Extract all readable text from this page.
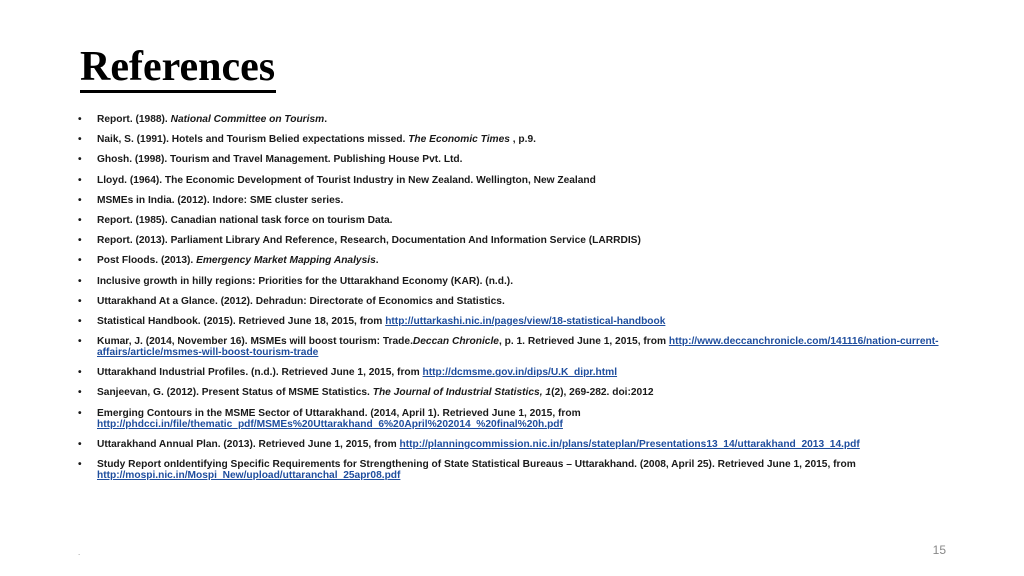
References
• Report. (1988). National Committee on Tourism.
• Naik, S. (1991). Hotels and Tourism Belied expectations missed. The Economic Times , p.9.
• Ghosh. (1998). Tourism and Travel Management. Publishing House Pvt. Ltd.
• Lloyd. (1964). The Economic Development of Tourist Industry in New Zealand. Wellington, New Zealand
• MSMEs in India. (2012). Indore: SME cluster series.
• Report. (1985). Canadian national task force on tourism Data.
• Report. (2013). Parliament Library And Reference, Research, Documentation And Information Service (LARRDIS)
• Post Floods. (2013). Emergency Market Mapping Analysis.
• Inclusive growth in hilly regions: Priorities for the Uttarakhand Economy (KAR). (n.d.).
• Uttarakhand At a Glance. (2012). Dehradun: Directorate of Economics and Statistics.
• Statistical Handbook. (2015). Retrieved June 18, 2015, from http://uttarkashi.nic.in/pages/view/18-statistical-handbook
• Kumar, J. (2014, November 16). MSMEs will boost tourism: Trade.Deccan Chronicle, p. 1. Retrieved June 1, 2015, from http://www.deccanchronicle.com/141116/nation-current-affairs/article/msmes-will-boost-tourism-trade
• Uttarakhand Industrial Profiles. (n.d.). Retrieved June 1, 2015, from http://dcmsme.gov.in/dips/U.K_dipr.html
• Sanjeevan, G. (2012). Present Status of MSME Statistics. The Journal of Industrial Statistics, 1(2), 269-282. doi:2012
• Emerging Contours in the MSME Sector of Uttarakhand. (2014, April 1). Retrieved June 1, 2015, from
http://phdcci.in/file/thematic_pdf/MSMEs%20Uttarakhand_6%20April%202014_%20final%20h.pdf
• Uttarakhand Annual Plan. (2013). Retrieved June 1, 2015, from http://planningcommission.nic.in/plans/stateplan/Presentations13_14/uttarakhand_2013_14.pdf
• Study Report onIdentifying Specific Requirements for Strengthening of State Statistical Bureaus – Uttarakhand. (2008, April 25). Retrieved June 1, 2015, from
http://mospi.nic.in/Mospi_New/upload/uttaranchal_25apr08.pdf
.	15
